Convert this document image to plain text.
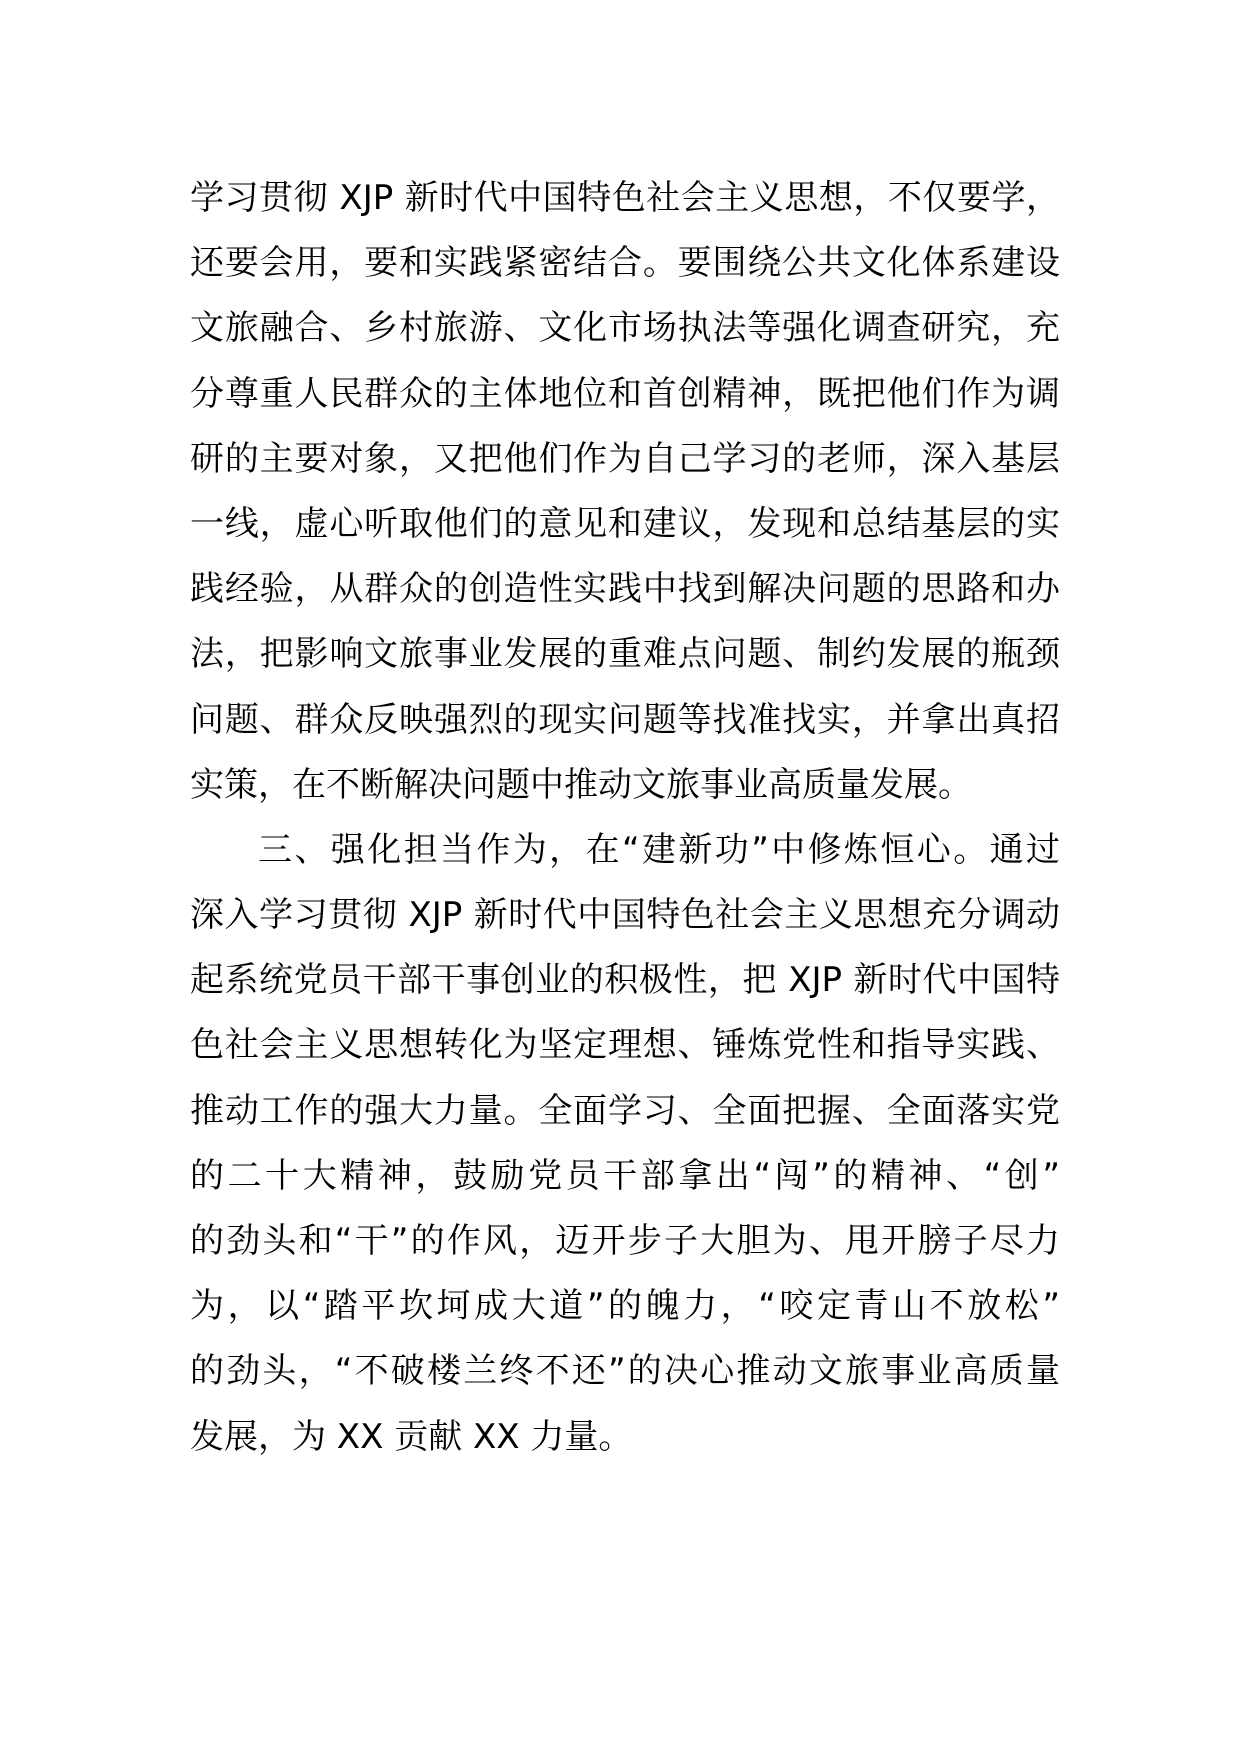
学习贯彻 XJP 新时代中国特色社会主义思想，不仅要学，
还要会用，要和实践紧密结合。要围绕公共文化体系建设
文旅融合、乡村旅游、文化市场执法等强化调查研究，充
分尊重人民群众的主体地位和首创精神，既把他们作为调
研的主要对象，又把他们作为自己学习的老师，深入基层
一线，虚心听取他们的意见和建议，发现和总结基层的实
践经验，从群众的创造性实践中找到解决问题的思路和办
法，把影响文旅事业发展的重难点问题、制约发展的瓶颈
问题、群众反映强烈的现实问题等找准找实，并拿出真招
实策，在不断解决问题中推动文旅事业高质量发展。
三、强化担当作为，在“建新功”中修炼恒心。通过
深入学习贯彻 XJP 新时代中国特色社会主义思想充分调动
起系统党员干部干事创业的积极性，把 XJP 新时代中国特
色社会主义思想转化为坚定理想、锤炼党性和指导实践、
推动工作的强大力量。全面学习、全面把握、全面落实党
的二十大精神，鼓励党员干部拿出“闯”的精神、“创”
的劲头和“干”的作风，迈开步子大胆为、甩开膀子尽力
为，以“踏平坎坷成大道”的魄力，“咬定青山不放松”
的劲头，“不破楼兰终不还”的决心推动文旅事业高质量
发展，为 XX 贡献 XX 力量。
